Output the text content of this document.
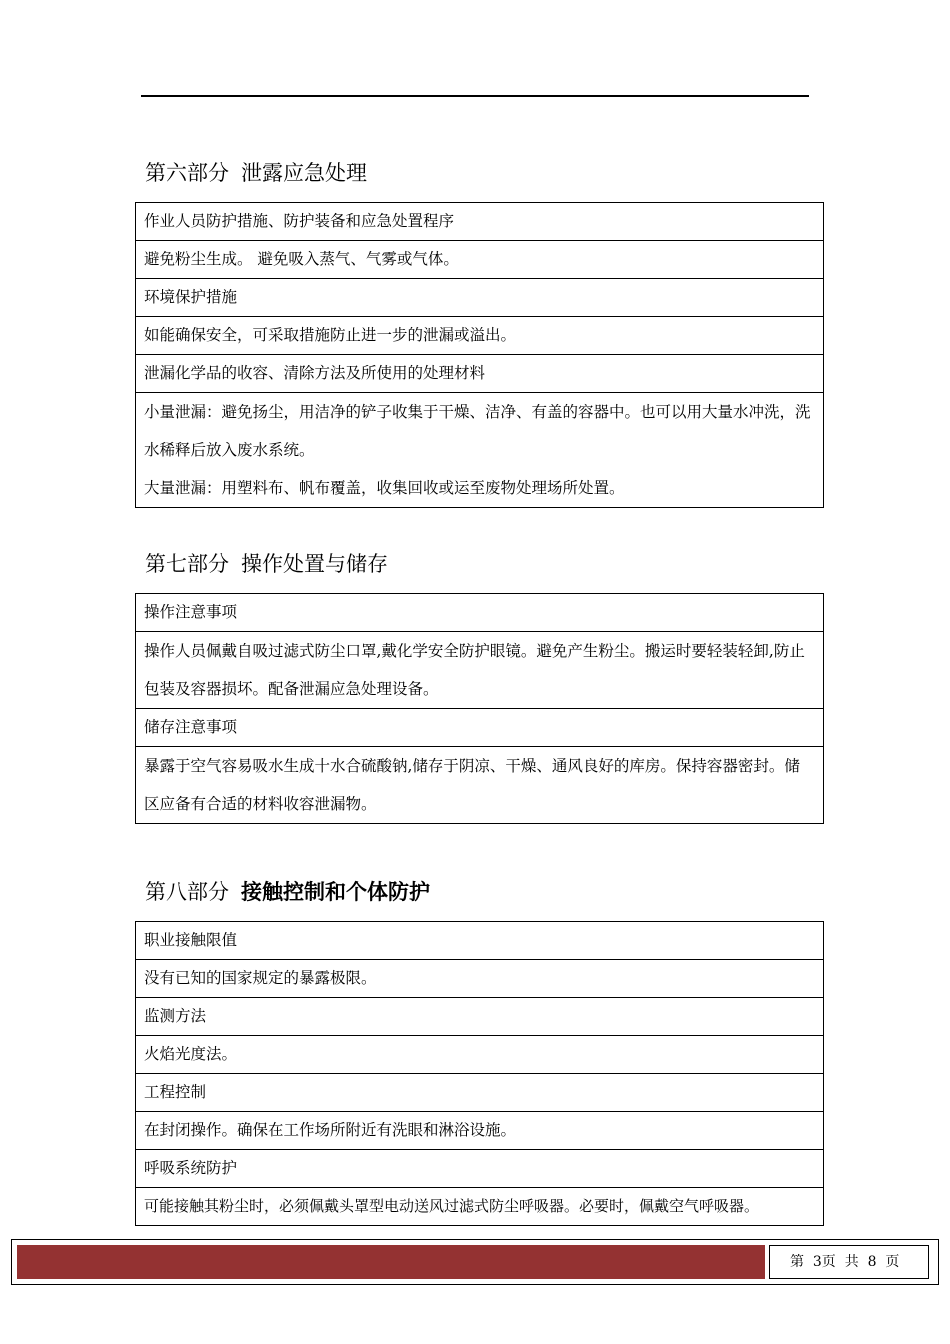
第六部分 泄露应急处理
作业人员防护措施、防护装备和应急处置程序
避免粉尘生成。 避免吸入蒸气、气雾或气体。
环境保护措施
如能确保安全，可采取措施防止进一步的泄漏或溢出。
泄漏化学品的收容、清除方法及所使用的处理材料

小量泄漏：避免扬尘，用洁净的铲子收集于干燥、洁净、有盖的容器中。也可以用大量水冲洗，洗水稀释后放入废水系统。
大量泄漏：用塑料布、帆布覆盖，收集回收或运至废物处理场所处置。
第七部分 操作处置与储存
操作注意事项
操作人员佩戴自吸过滤式防尘口罩,戴化学安全防护眼镜。避免产生粉尘。搬运时要轻装轻卸,防止包装及容器损坏。配备泄漏应急处理设备。
储存注意事项
暴露于空气容易吸水生成十水合硫酸钠,储存于阴凉、干燥、通风良好的库房。保持容器密封。储区应备有合适的材料收容泄漏物。
第八部分 接触控制和个体防护
职业接触限值
没有已知的国家规定的暴露极限。
监测方法
火焰光度法。
工程控制
在封闭操作。确保在工作场所附近有洗眼和淋浴设施。
呼吸系统防护
可能接触其粉尘时，必须佩戴头罩型电动送风过滤式防尘呼吸器。必要时，佩戴空气呼吸器。
第  3页  共  8  页
